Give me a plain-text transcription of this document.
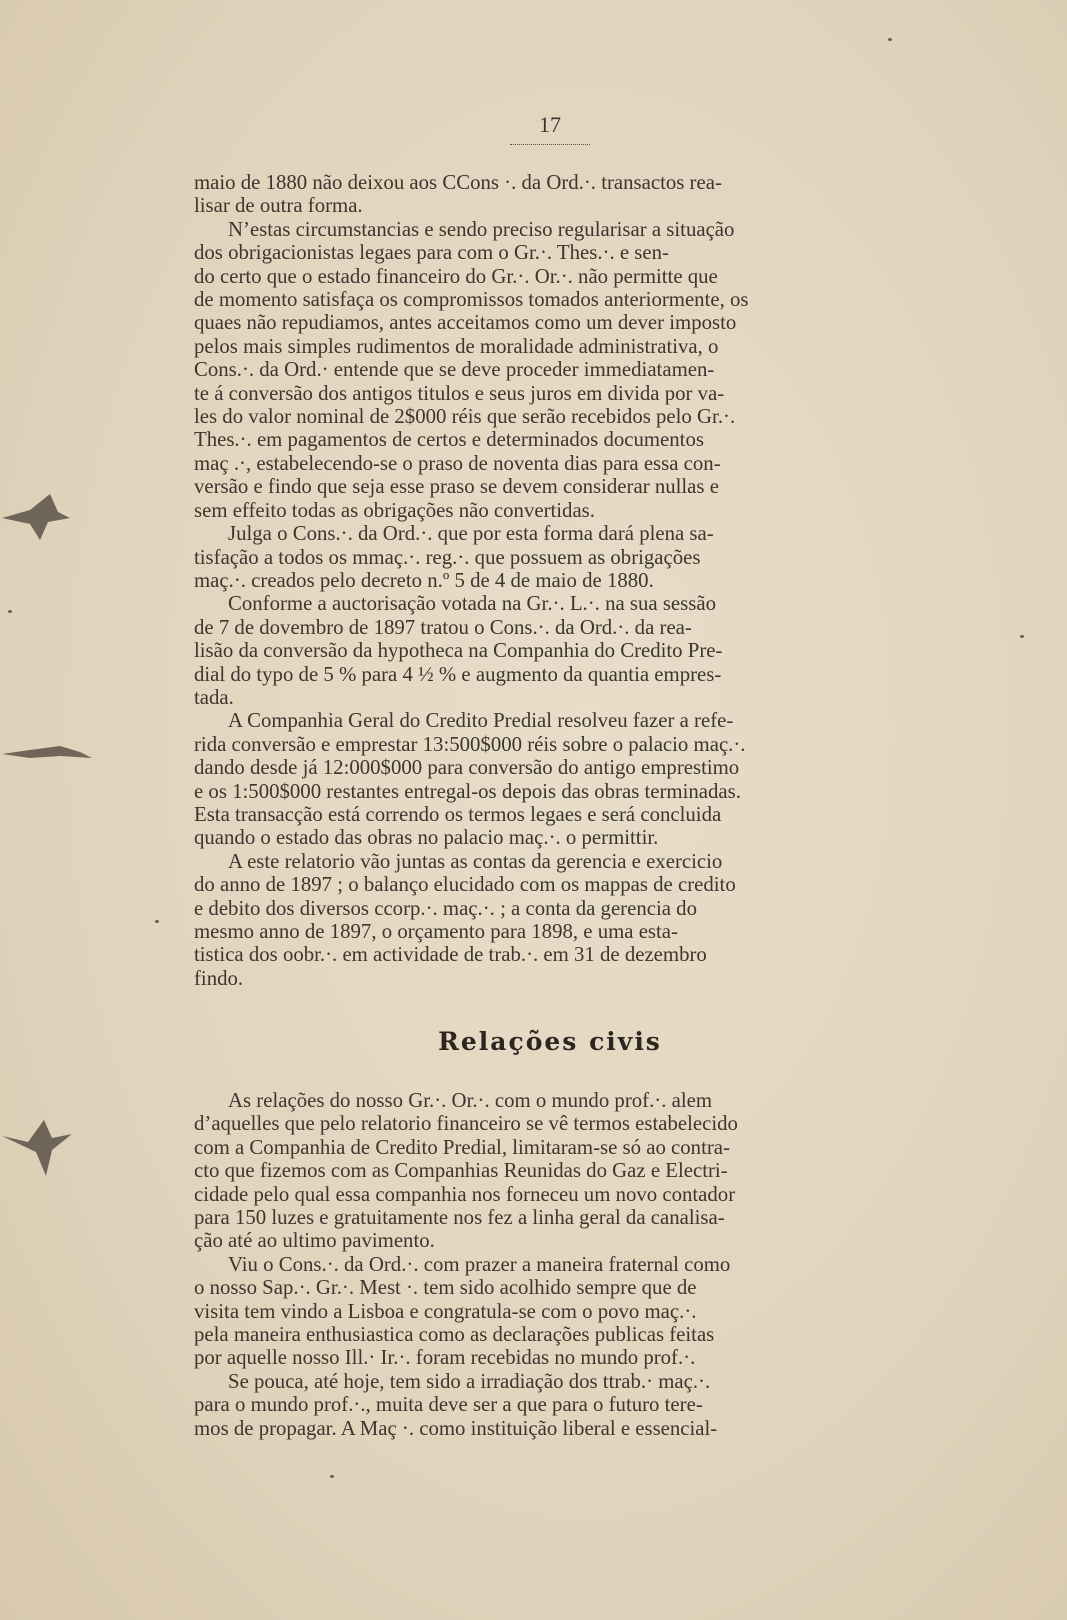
17

maio de 1880 não deixou aos CCons ·. da Ord.·. transactos rea-

lisar de outra forma.

N’estas circumstancias e sendo preciso regularisar a situação

dos obrigacionistas legaes para com o Gr.·. Thes.·. e sen-

do certo que o estado financeiro do Gr.·. Or.·. não permitte que

de momento satisfaça os compromissos tomados anteriormente, os

quaes não repudiamos, antes acceitamos como um dever imposto

pelos mais simples rudimentos de moralidade administrativa, o

Cons.·. da Ord.· entende que se deve proceder immediatamen-

te á conversão dos antigos titulos e seus juros em divida por va-

les do valor nominal de 2$000 réis que serão recebidos pelo Gr.·.

Thes.·. em pagamentos de certos e determinados documentos

maç .·, estabelecendo-se o praso de noventa dias para essa con-

versão e findo que seja esse praso se devem considerar nullas e

sem effeito todas as obrigações não convertidas.

Julga o Cons.·. da Ord.·. que por esta forma dará plena sa-

tisfação a todos os mmaç.·. reg.·. que possuem as obrigações

maç.·. creados pelo decreto n.º 5 de 4 de maio de 1880.

Conforme a auctorisação votada na Gr.·. L.·. na sua sessão

de 7 de dovembro de 1897 tratou o Cons.·. da Ord.·. da rea-

lisão da conversão da hypotheca na Companhia do Credito Pre-

dial do typo de 5 % para 4 ½ % e augmento da quantia empres-

tada.

A Companhia Geral do Credito Predial resolveu fazer a refe-

rida conversão e emprestar 13:500$000 réis sobre o palacio maç.·.

dando desde já 12:000$000 para conversão do antigo emprestimo

e os 1:500$000 restantes entregal-os depois das obras terminadas.

Esta transacção está correndo os termos legaes e será concluida

quando o estado das obras no palacio maç.·. o permittir.

A este relatorio vão juntas as contas da gerencia e exercicio

do anno de 1897 ; o balanço elucidado com os mappas de credito

e debito dos diversos ccorp.·. maç.·. ; a conta da gerencia do

mesmo anno de 1897, o orçamento para 1898, e uma esta-

tistica dos oobr.·. em actividade de trab.·. em 31 de dezembro

findo.

Relações civis

As relações do nosso Gr.·. Or.·. com o mundo prof.·. alem

d’aquelles que pelo relatorio financeiro se vê termos estabelecido

com a Companhia de Credito Predial, limitaram-se só ao contra-

cto que fizemos com as Companhias Reunidas do Gaz e Electri-

cidade pelo qual essa companhia nos forneceu um novo contador

para 150 luzes e gratuitamente nos fez a linha geral da canalisa-

ção até ao ultimo pavimento.

Viu o Cons.·. da Ord.·. com prazer a maneira fraternal como

o nosso Sap.·. Gr.·. Mest ·. tem sido acolhido sempre que de

visita tem vindo a Lisboa e congratula-se com o povo maç.·.

pela maneira enthusiastica como as declarações publicas feitas

por aquelle nosso Ill.· Ir.·. foram recebidas no mundo prof.·.

Se pouca, até hoje, tem sido a irradiação dos ttrab.· maç.·.

para o mundo prof.·., muita deve ser a que para o futuro tere-

mos de propagar. A Maç ·. como instituição liberal e essencial-
